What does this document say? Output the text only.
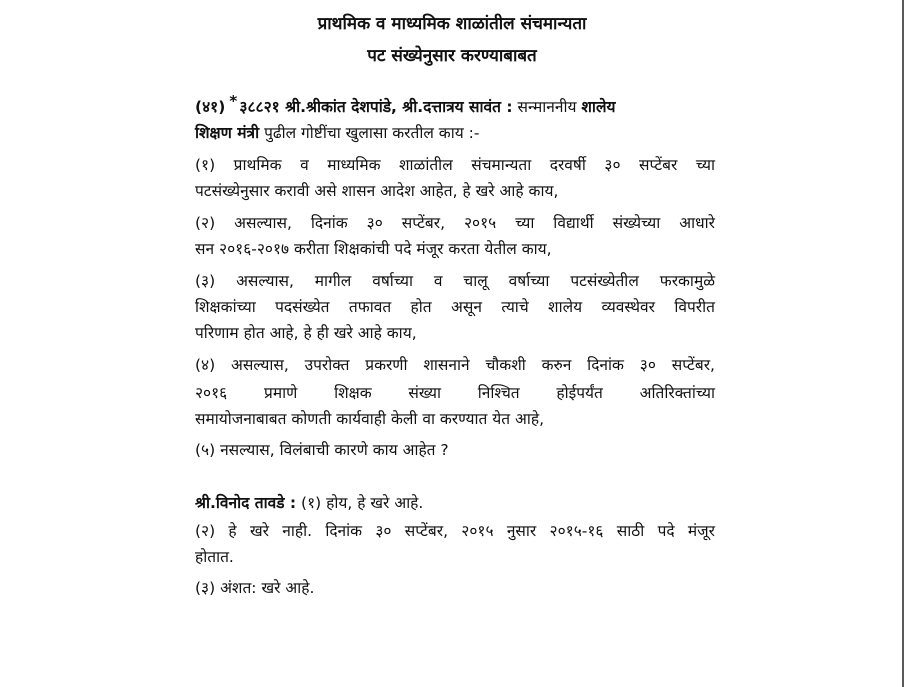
प्राथमिक व माध्यमिक शाळांतील संचमान्यता
पट संख्येनुसार करण्याबाबत
(४१) * ३८८२१ श्री.श्रीकांत देशपांडे, श्री.दत्तात्रय सावंत : सन्माननीय शालेय
शिक्षण मंत्री पुढील गोष्टींचा खुलासा करतील काय :-
(१) प्राथमिक व माध्यमिक शाळांतील संचमान्यता दरवर्षी ३० सप्टेंबर च्या
पटसंख्येनुसार करावी असे शासन आदेश आहेत, हे खरे आहे काय,
(२) असल्यास, दिनांक ३० सप्टेंबर, २०१५ च्या विद्यार्थी संख्येच्या आधारे
सन २०१६-२०१७ करीता शिक्षकांची पदे मंजूर करता येतील काय,
(३) असल्यास, मागील वर्षाच्या व चालू वर्षाच्या पटसंख्येतील फरकामुळे
शिक्षकांच्या पदसंख्येत तफावत होत असून त्याचे शालेय व्यवस्थेवर विपरीत
परिणाम होत आहे, हे ही खरे आहे काय,
(४) असल्यास, उपरोक्त प्रकरणी शासनाने चौकशी करुन दिनांक ३० सप्टेंबर,
२०१६ प्रमाणे शिक्षक संख्या निश्चित होईपर्यंत अतिरिक्तांच्या
समायोजनाबाबत कोणती कार्यवाही केली वा करण्यात येत आहे,
(५) नसल्यास, विलंबाची कारणे काय आहेत ?
श्री.विनोद तावडे : (१) होय, हे खरे आहे.
(२) हे खरे नाही. दिनांक ३० सप्टेंबर, २०१५ नुसार २०१५-१६ साठी पदे मंजूर
होतात.
(३) अंशत: खरे आहे.
